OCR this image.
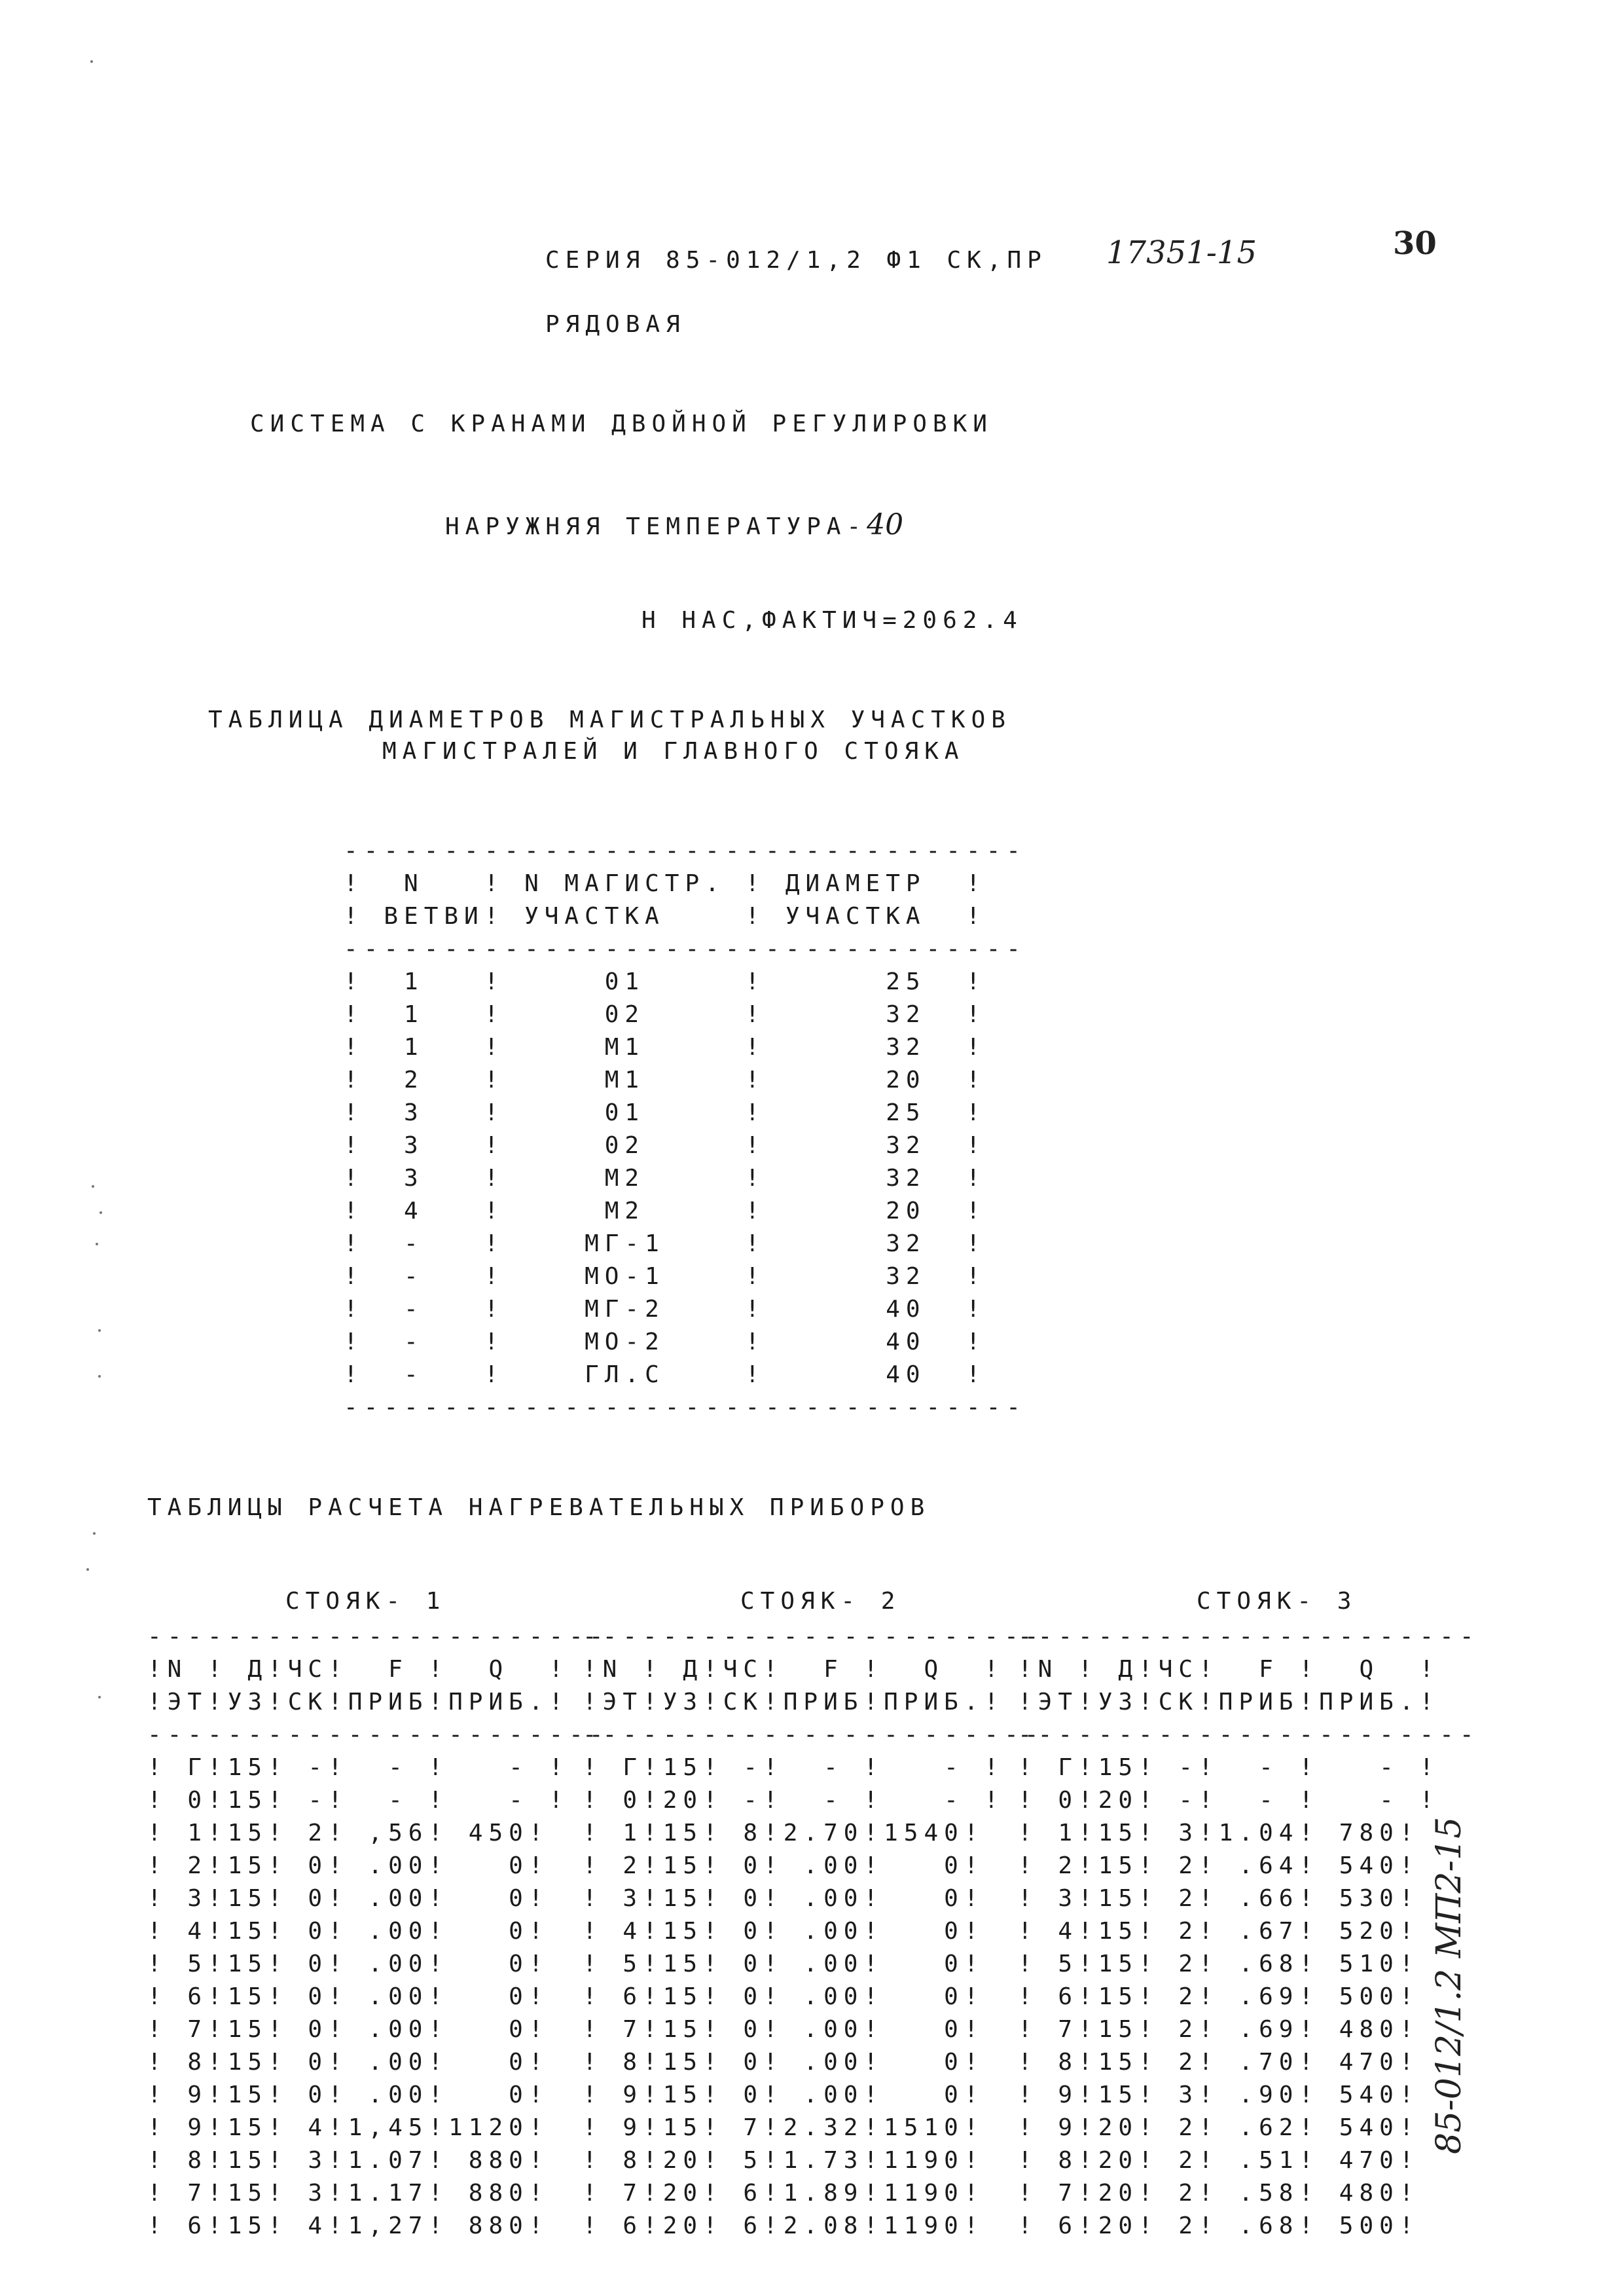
СЕРИЯ 85-012/1,2 Ф1 СК,ПР 17351-15	30
РЯДОВАЯ
СИСТЕМА С КРАНАМИ ДВОЙНОЙ РЕГУЛИРОВКИ
НАРУЖНЯЯ ТЕМПЕРАТУРА-40
Н НАС,ФАКТИЧ=2062.4
ТАБЛИЦА ДИАМЕТРОВ МАГИСТРАЛЬНЫХ УЧАСТКОВ
МАГИСТРАЛЕЙ И ГЛАВНОГО СТОЯКА
----------------------------------
!  N   ! N МАГИСТР. ! ДИАМЕТР  !
! ВЕТВИ! УЧАСТКА    ! УЧАСТКА  !
----------------------------------
!  1   !     01     !      25  !
!  1   !     02     !      32  !
!  1   !     М1     !      32  !
!  2   !     М1     !      20  !
!  3   !     01     !      25  !
!  3   !     02     !      32  !
!  3   !     М2     !      32  !
!  4   !     М2     !      20  !
!  -   !    МГ-1    !      32  !
!  -   !    МО-1    !      32  !
!  -   !    МГ-2    !      40  !
!  -   !    МО-2    !      40  !
!  -   !    ГЛ.С    !      40  !
----------------------------------
ТАБЛИЦЫ РАСЧЕТА НАГРЕВАТЕЛЬНЫХ ПРИБОРОВ
СТОЯК- 1
-----------------------
!N ! Д!ЧС!  F !  Q  !
!ЭТ!УЗ!СК!ПРИБ!ПРИБ.!
-----------------------
! Г!15! -!  - !   - !
! 0!15! -!  - !   - !
! 1!15! 2! ,56! 450!
! 2!15! 0! .00!   0!
! 3!15! 0! .00!   0!
! 4!15! 0! .00!   0!
! 5!15! 0! .00!   0!
! 6!15! 0! .00!   0!
! 7!15! 0! .00!   0!
! 8!15! 0! .00!   0!
! 9!15! 0! .00!   0!
! 9!15! 4!1,45!1120!
! 8!15! 3!1.07! 880!
! 7!15! 3!1.17! 880!
! 6!15! 4!1,27! 880!
СТОЯК- 2
-----------------------
!N ! Д!ЧС!  F !  Q  !
!ЭТ!УЗ!СК!ПРИБ!ПРИБ.!
-----------------------
! Г!15! -!  - !   - !
! 0!20! -!  - !   - !
! 1!15! 8!2.70!1540!
! 2!15! 0! .00!   0!
! 3!15! 0! .00!   0!
! 4!15! 0! .00!   0!
! 5!15! 0! .00!   0!
! 6!15! 0! .00!   0!
! 7!15! 0! .00!   0!
! 8!15! 0! .00!   0!
! 9!15! 0! .00!   0!
! 9!15! 7!2.32!1510!
! 8!20! 5!1.73!1190!
! 7!20! 6!1.89!1190!
! 6!20! 6!2.08!1190!
СТОЯК- 3
-----------------------
!N ! Д!ЧС!  F !  Q  !
!ЭТ!УЗ!СК!ПРИБ!ПРИБ.!
-----------------------
! Г!15! -!  - !   - !
! 0!20! -!  - !   - !
! 1!15! 3!1.04! 780!
! 2!15! 2! .64! 540!
! 3!15! 2! .66! 530!
! 4!15! 2! .67! 520!
! 5!15! 2! .68! 510!
! 6!15! 2! .69! 500!
! 7!15! 2! .69! 480!
! 8!15! 2! .70! 470!
! 9!15! 3! .90! 540!
! 9!20! 2! .62! 540!
! 8!20! 2! .51! 470!
! 7!20! 2! .58! 480!
! 6!20! 2! .68! 500!
85-012/1.2 МП2-15
